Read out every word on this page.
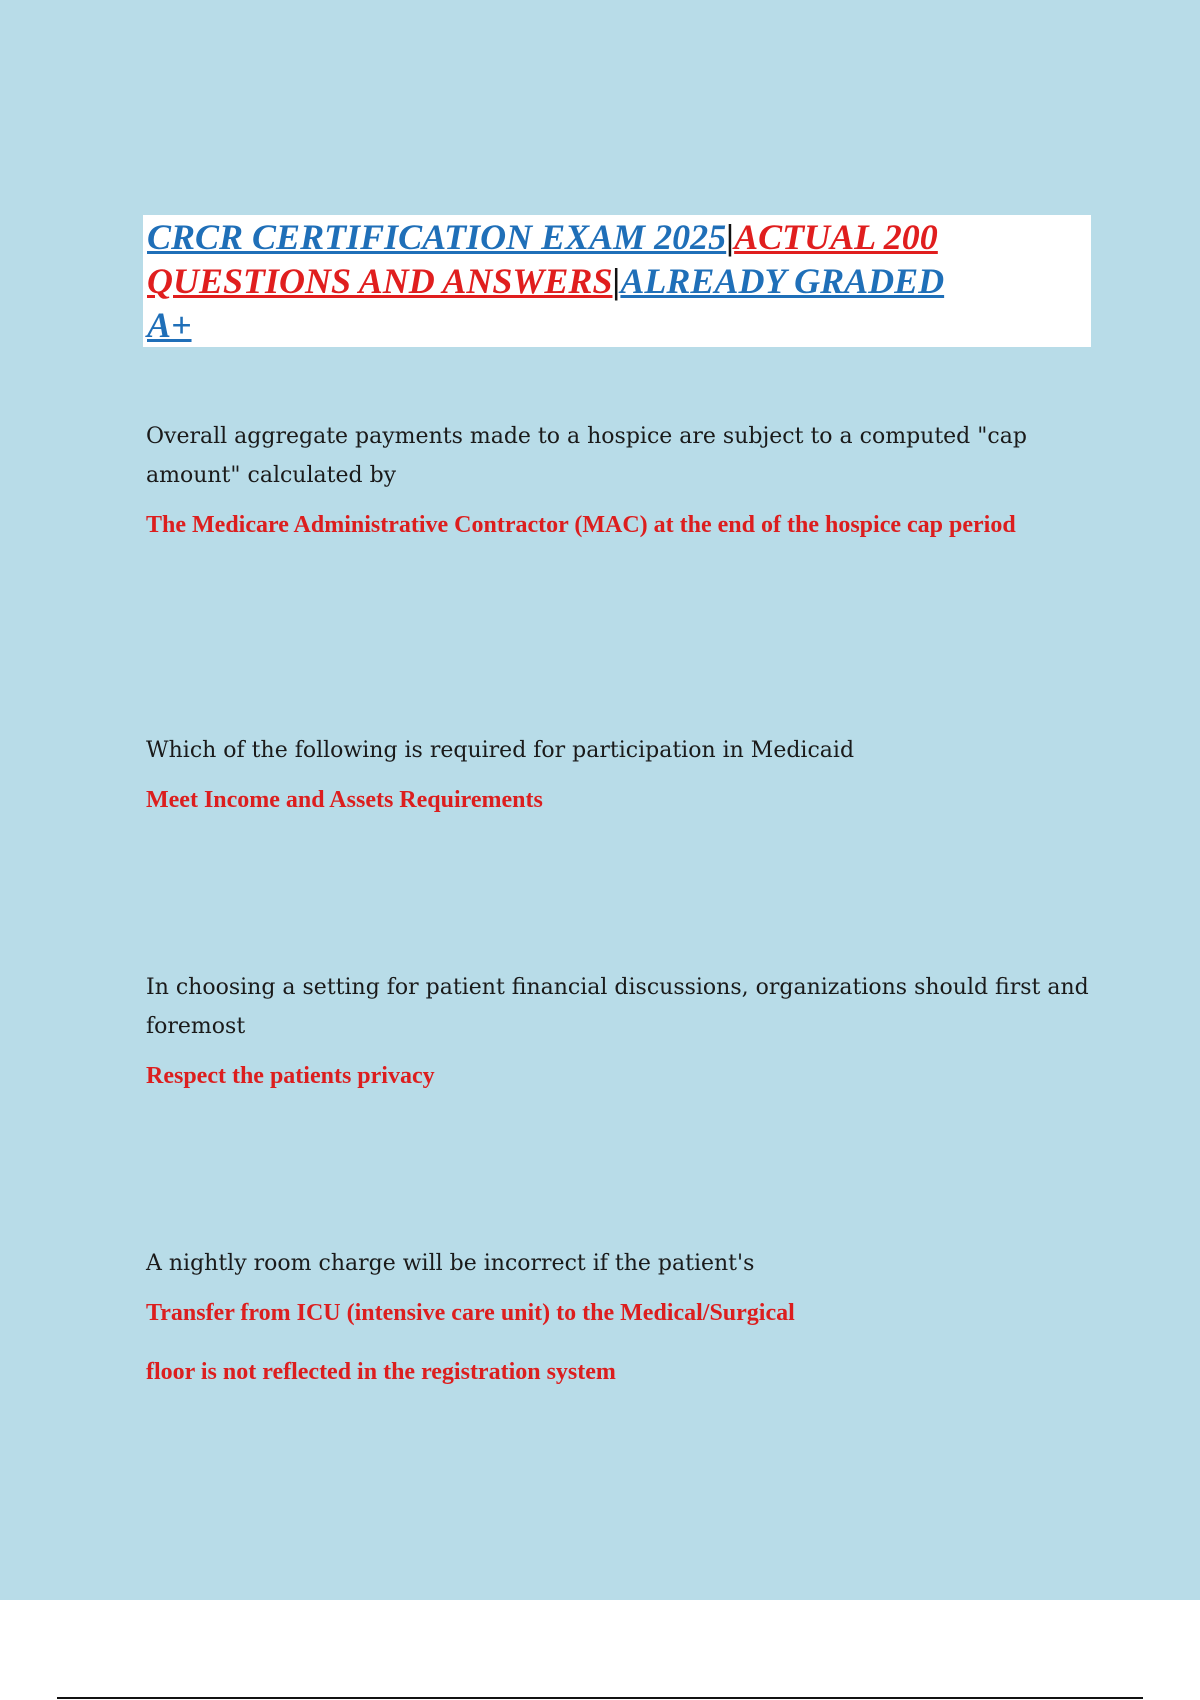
CRCR CERTIFICATION EXAM 2025|ACTUAL 200
QUESTIONS AND ANSWERS|ALREADY GRADED
A+
Overall aggregate payments made to a hospice are subject to a computed "cap amount" calculated by
The Medicare Administrative Contractor (MAC) at the end of the hospice cap period
Which of the following is required for participation in Medicaid
Meet Income and Assets Requirements
In choosing a setting for patient financial discussions, organizations should first and foremost
Respect the patients privacy
A nightly room charge will be incorrect if the patient's
Transfer from ICU (intensive care unit) to the Medical/Surgical
floor is not reflected in the registration system
